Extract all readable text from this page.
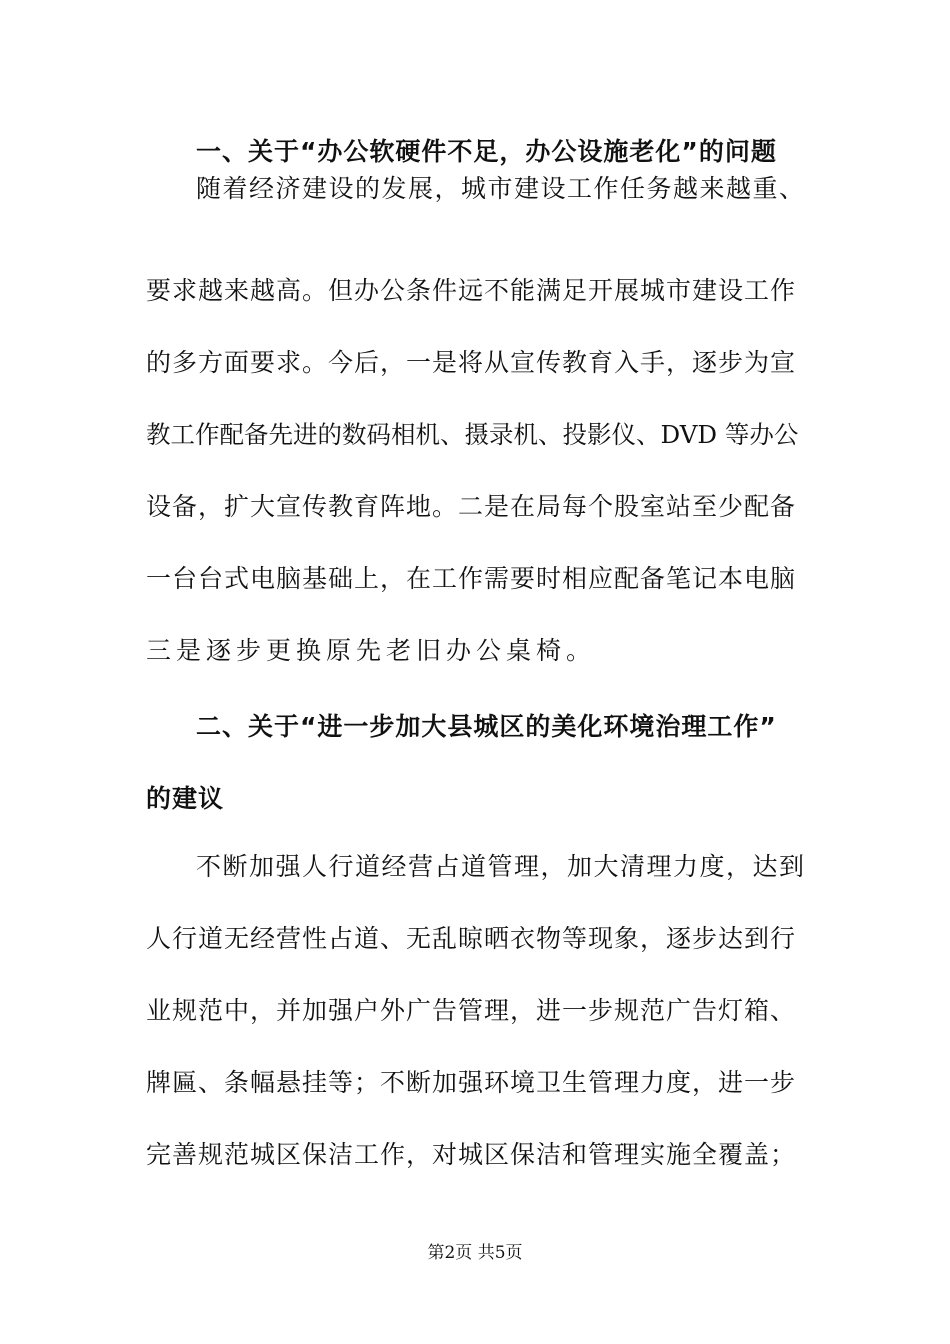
一、关于“办公软硬件不足，办公设施老化”的问题
随着经济建设的发展，城市建设工作任务越来越重、
要求越来越高。但办公条件远不能满足开展城市建设工作
的多方面要求。今后，一是将从宣传教育入手，逐步为宣
教工作配备先进的数码相机、摄录机、投影仪、DVD 等办公
设备，扩大宣传教育阵地。二是在局每个股室站至少配备
一台台式电脑基础上，在工作需要时相应配备笔记本电脑
三是逐步更换原先老旧办公桌椅。
二、关于“进一步加大县城区的美化环境治理工作”
的建议
不断加强人行道经营占道管理，加大清理力度，达到
人行道无经营性占道、无乱晾晒衣物等现象，逐步达到行
业规范中，并加强户外广告管理，进一步规范广告灯箱、
牌匾、条幅悬挂等；不断加强环境卫生管理力度，进一步
完善规范城区保洁工作，对城区保洁和管理实施全覆盖；
第2页 共5页
